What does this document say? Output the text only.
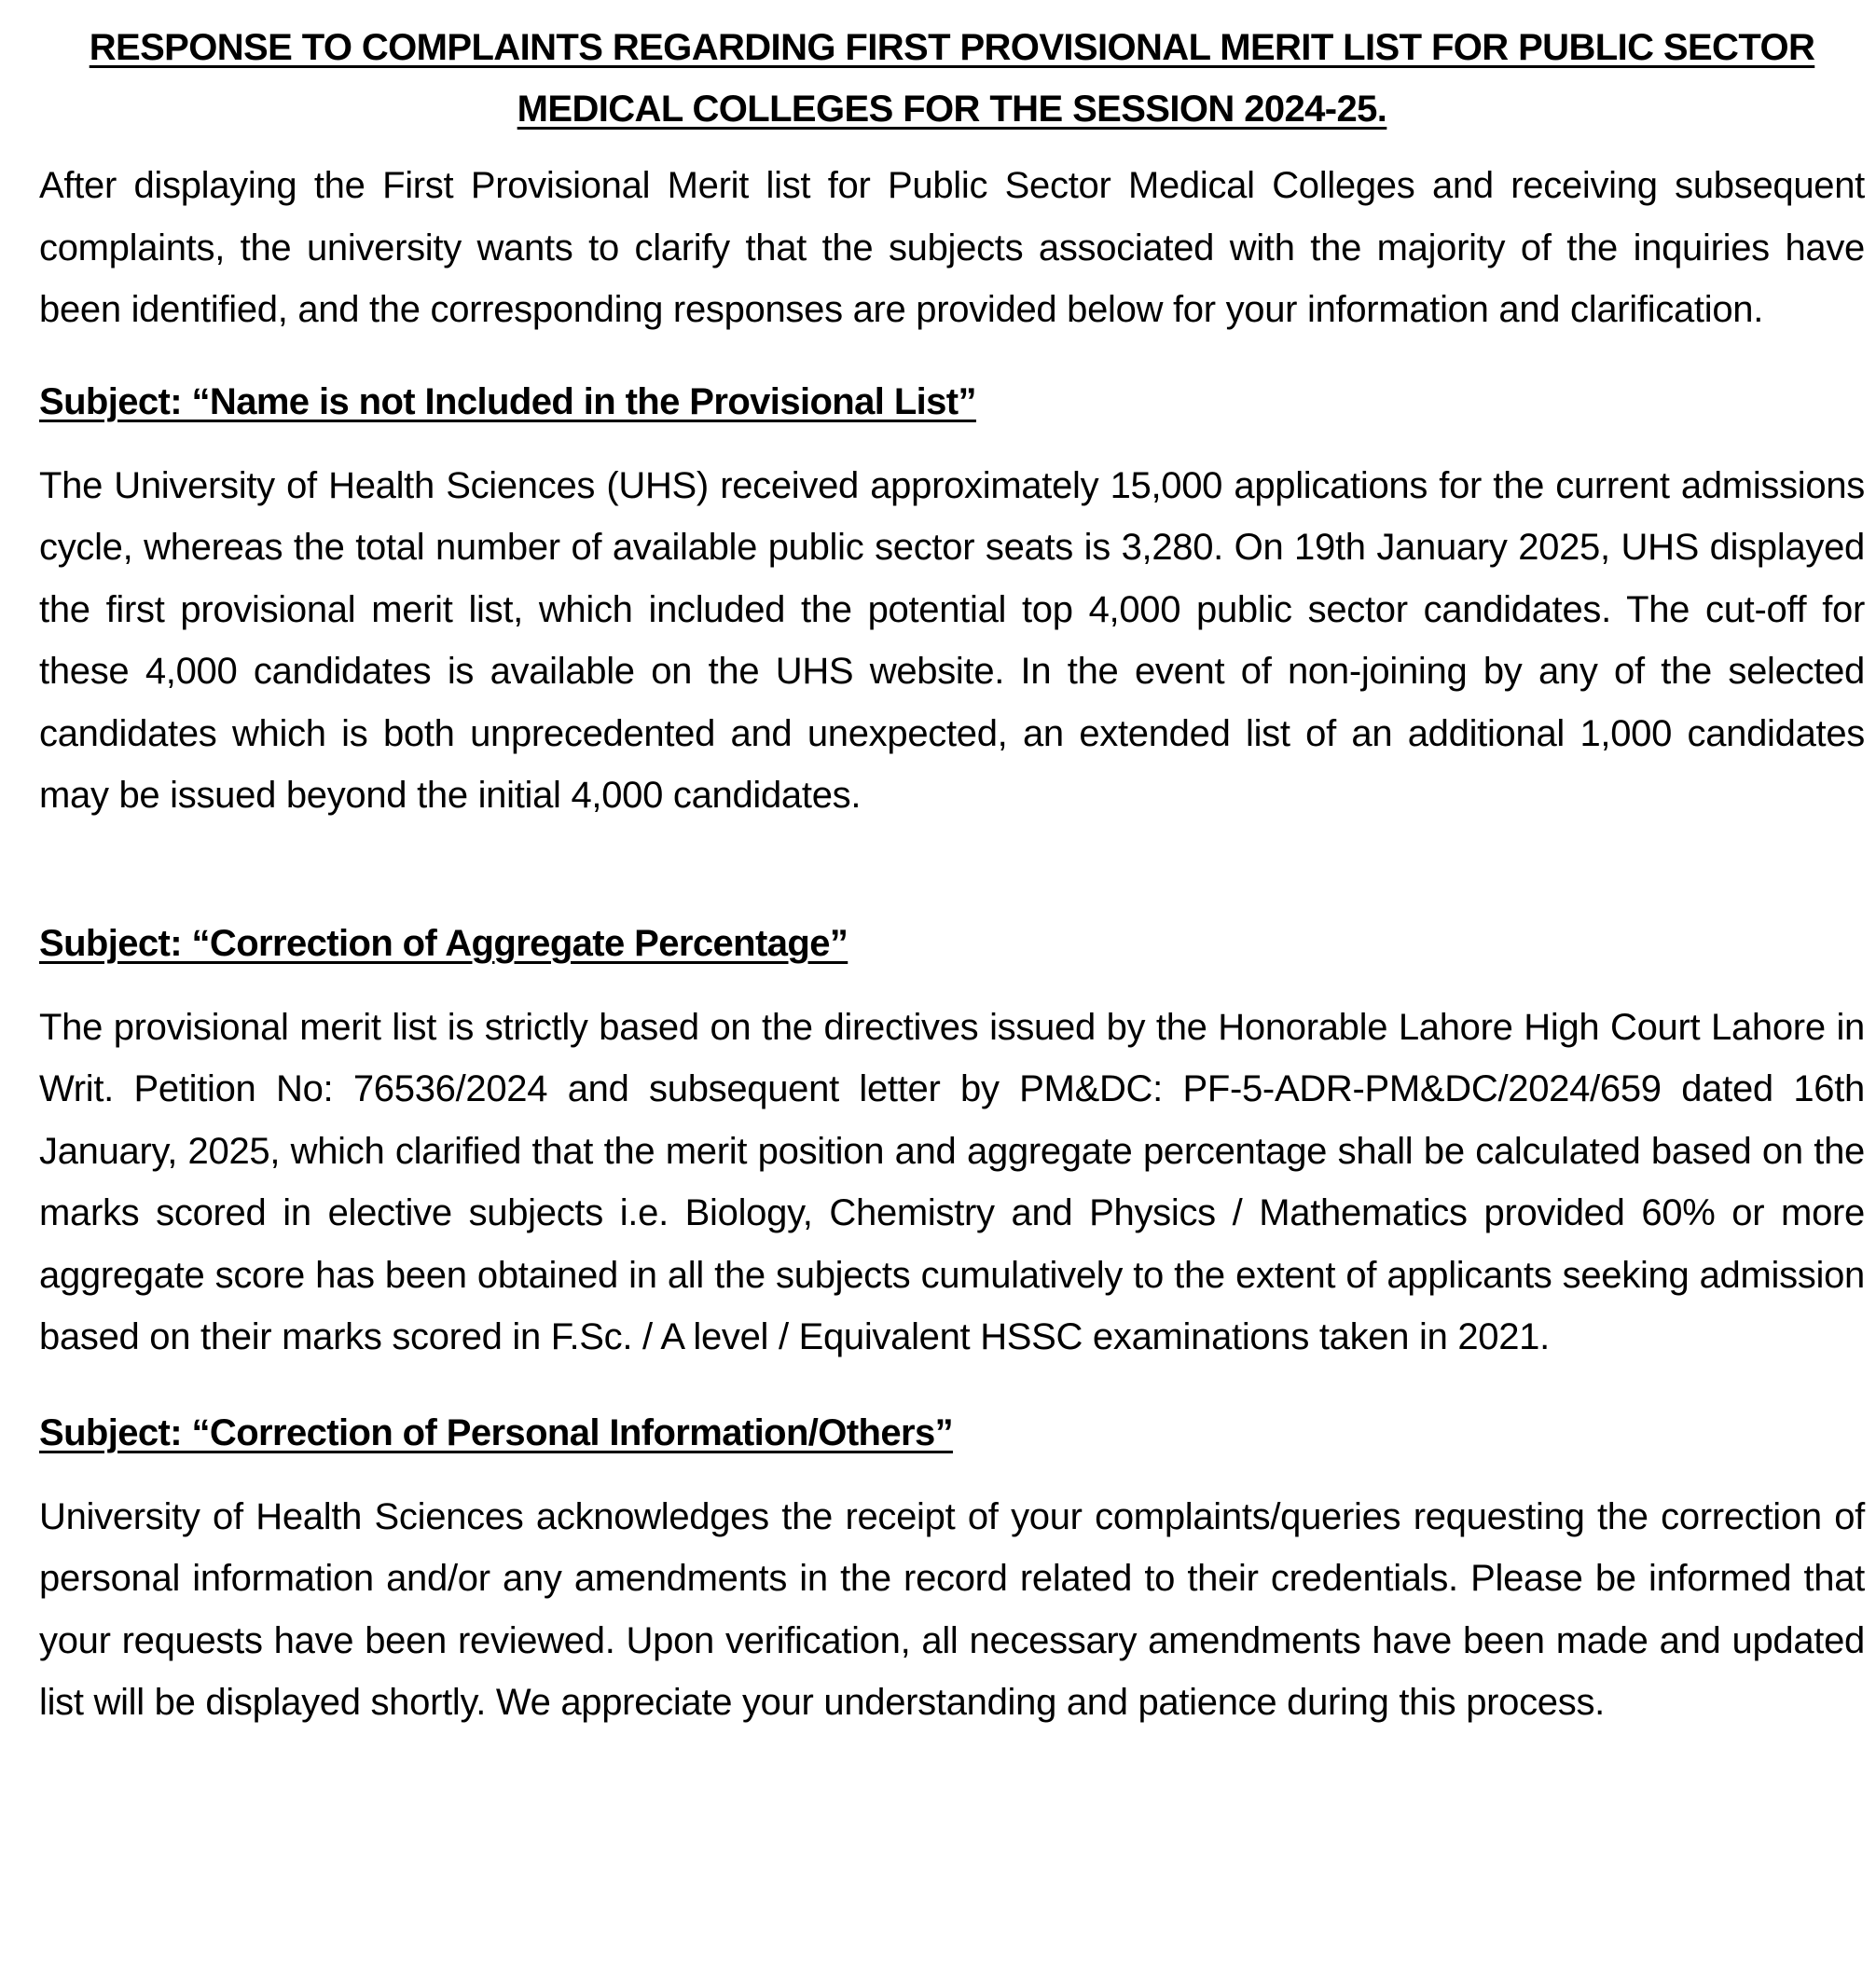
RESPONSE TO COMPLAINTS REGARDING FIRST PROVISIONAL MERIT LIST FOR PUBLIC SECTOR MEDICAL COLLEGES FOR THE SESSION 2024-25.

After displaying the First Provisional Merit list for Public Sector Medical Colleges and receiving subsequent complaints, the university wants to clarify that the subjects associated with the majority of the inquiries have been identified, and the corresponding responses are provided below for your information and clarification.

Subject: “Name is not Included in the Provisional List”

The University of Health Sciences (UHS) received approximately 15,000 applications for the current admissions cycle, whereas the total number of available public sector seats is 3,280. On 19th January 2025, UHS displayed the first provisional merit list, which included the potential top 4,000 public sector candidates. The cut-off for these 4,000 candidates is available on the UHS website. In the event of non-joining by any of the selected candidates which is both unprecedented and unexpected, an extended list of an additional 1,000 candidates may be issued beyond the initial 4,000 candidates.

Subject: “Correction of Aggregate Percentage”

The provisional merit list is strictly based on the directives issued by the Honorable Lahore High Court Lahore in Writ. Petition No: 76536/2024 and subsequent letter by PM&DC: PF-5-ADR-PM&DC/2024/659 dated 16th January, 2025, which clarified that the merit position and aggregate percentage shall be calculated based on the marks scored in elective subjects i.e. Biology, Chemistry and Physics / Mathematics provided 60% or more aggregate score has been obtained in all the subjects cumulatively to the extent of applicants seeking admission based on their marks scored in F.Sc. / A level / Equivalent HSSC examinations taken in 2021.

Subject: “Correction of Personal Information/Others”

University of Health Sciences acknowledges the receipt of your complaints/queries requesting the correction of personal information and/or any amendments in the record related to their credentials. Please be informed that your requests have been reviewed. Upon verification, all necessary amendments have been made and updated list will be displayed shortly. We appreciate your understanding and patience during this process.
